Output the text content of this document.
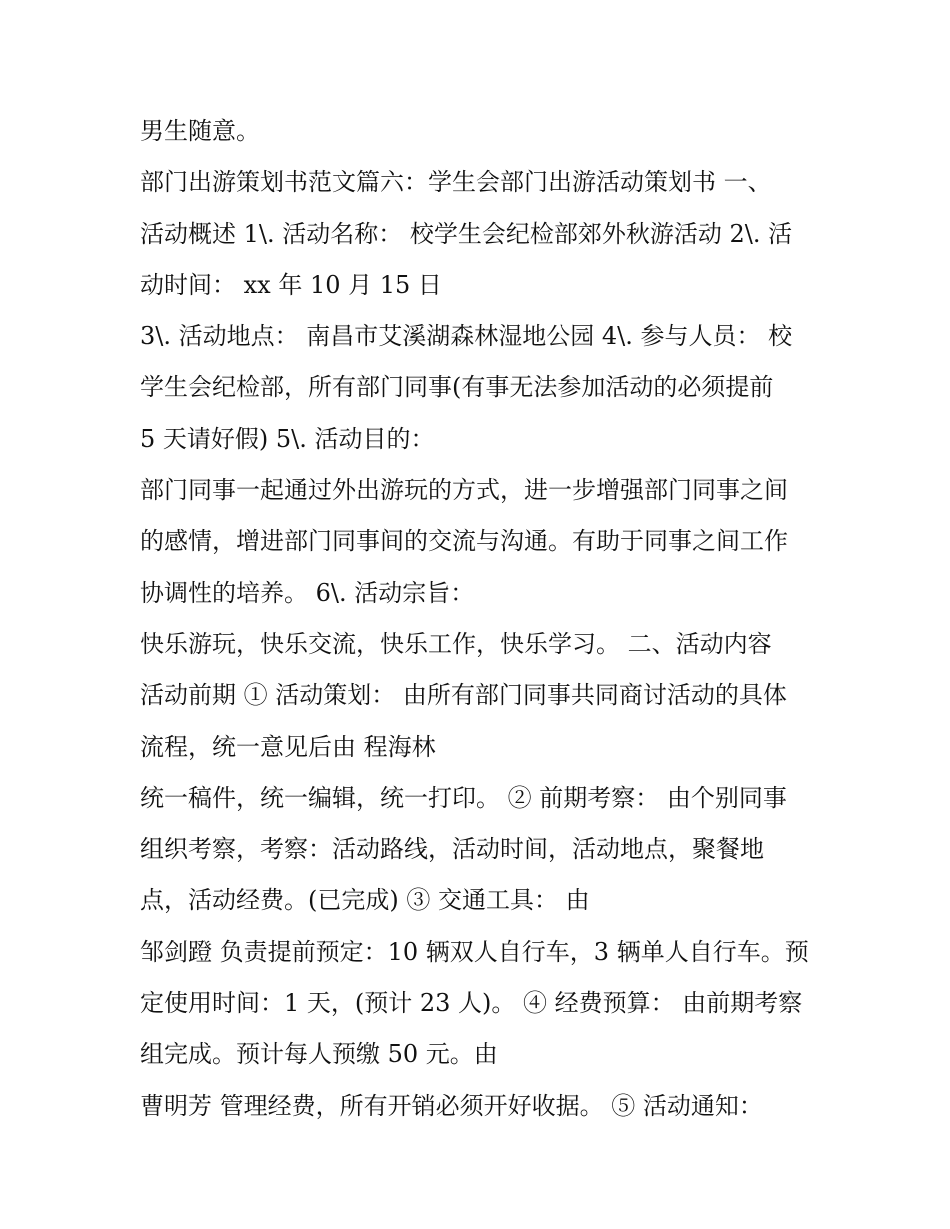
男生随意。
部门出游策划书范文篇六：学生会部门出游活动策划书 一、
活动概述 1\. 活动名称： 校学生会纪检部郊外秋游活动 2\. 活
动时间： xx 年 10 月 15 日
3\. 活动地点： 南昌市艾溪湖森林湿地公园 4\. 参与人员： 校
学生会纪检部，所有部门同事(有事无法参加活动的必须提前
5 天请好假) 5\. 活动目的：
部门同事一起通过外出游玩的方式，进一步增强部门同事之间
的感情，增进部门同事间的交流与沟通。有助于同事之间工作
协调性的培养。 6\. 活动宗旨：
快乐游玩，快乐交流，快乐工作，快乐学习。 二、活动内容
活动前期 ① 活动策划： 由所有部门同事共同商讨活动的具体
流程，统一意见后由 程海林
统一稿件，统一编辑，统一打印。 ② 前期考察： 由个别同事
组织考察，考察：活动路线，活动时间，活动地点，聚餐地
点，活动经费。(已完成) ③ 交通工具： 由
邹剑蹬 负责提前预定：10 辆双人自行车，3 辆单人自行车。预
定使用时间：1 天，(预计 23 人)。 ④ 经费预算： 由前期考察
组完成。预计每人预缴 50 元。由
曹明芳 管理经费，所有开销必须开好收据。 ⑤ 活动通知：
